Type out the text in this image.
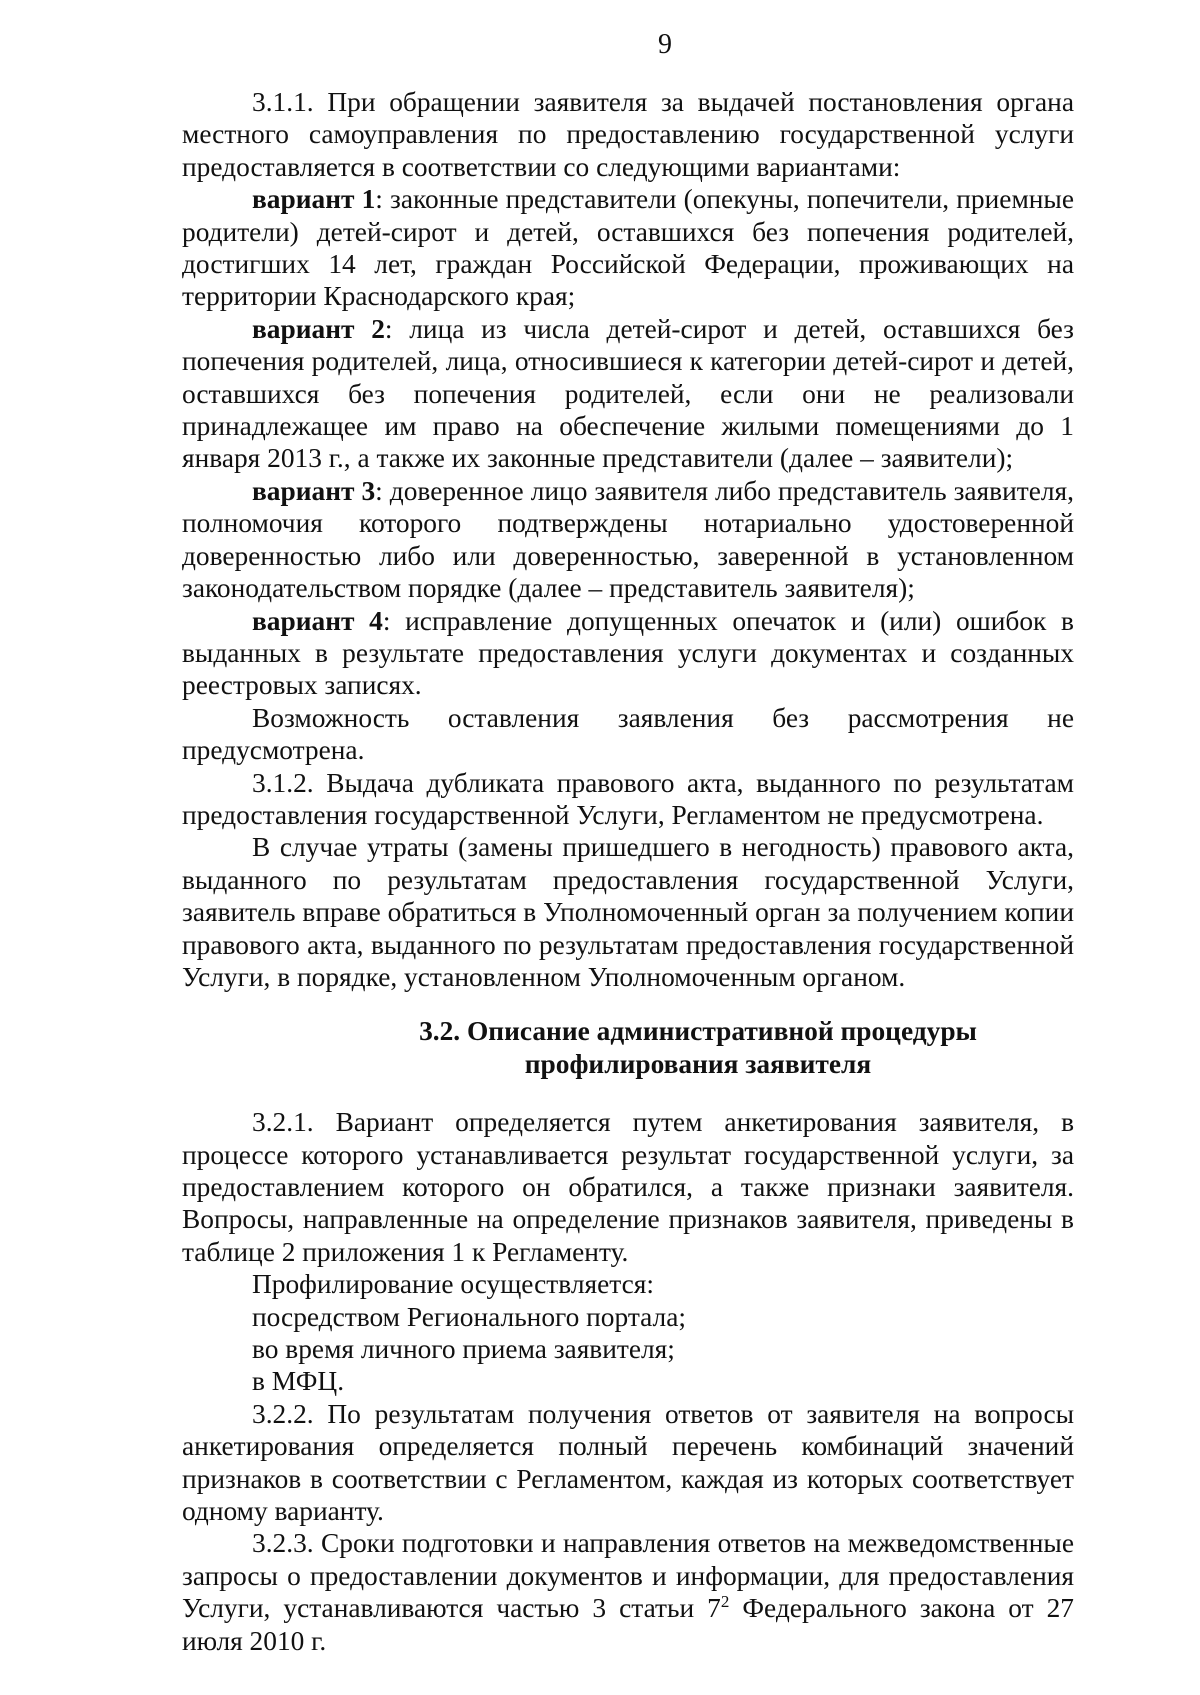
9

3.1.1. При обращении заявителя за выдачей постановления органа местного самоуправления по предоставлению государственной услуги предоставляется в соответствии со следующими вариантами:

вариант 1: законные представители (опекуны, попечители, приемные родители) детей-сирот и детей, оставшихся без попечения родителей, достигших 14 лет, граждан Российской Федерации, проживающих на территории Краснодарского края;

вариант 2: лица из числа детей-сирот и детей, оставшихся без попечения родителей, лица, относившиеся к категории детей-сирот и детей, оставшихся без попечения родителей, если они не реализовали принадлежащее им право на обеспечение жилыми помещениями до 1 января 2013 г., а также их законные представители (далее – заявители);

вариант 3: доверенное лицо заявителя либо представитель заявителя, полномочия которого подтверждены нотариально удостоверенной доверенностью либо или доверенностью, заверенной в установленном законодательством порядке (далее – представитель заявителя);

вариант 4: исправление допущенных опечаток и (или) ошибок в выданных в результате предоставления услуги документах и созданных реестровых записях.

Возможность оставления заявления без рассмотрения не предусмотрена.

3.1.2. Выдача дубликата правового акта, выданного по результатам предоставления государственной Услуги, Регламентом не предусмотрена.

В случае утраты (замены пришедшего в негодность) правового акта, выданного по результатам предоставления государственной Услуги, заявитель вправе обратиться в Уполномоченный орган за получением копии правового акта, выданного по результатам предоставления государственной Услуги, в порядке, установленном Уполномоченным органом.

3.2. Описание административной процедуры
профилирования заявителя

3.2.1. Вариант определяется путем анкетирования заявителя, в процессе которого устанавливается результат государственной услуги, за предоставлением которого он обратился, а также признаки заявителя. Вопросы, направленные на определение признаков заявителя, приведены в таблице 2 приложения 1 к Регламенту.

Профилирование осуществляется:

посредством Регионального портала;

во время личного приема заявителя;

в МФЦ.

3.2.2. По результатам получения ответов от заявителя на вопросы анкетирования определяется полный перечень комбинаций значений признаков в соответствии с Регламентом, каждая из которых соответствует одному варианту.

3.2.3. Сроки подготовки и направления ответов на межведомственные запросы о предоставлении документов и информации, для предоставления Услуги, устанавливаются частью 3 статьи $7^2$ Федерального закона от 27 июля 2010 г.
